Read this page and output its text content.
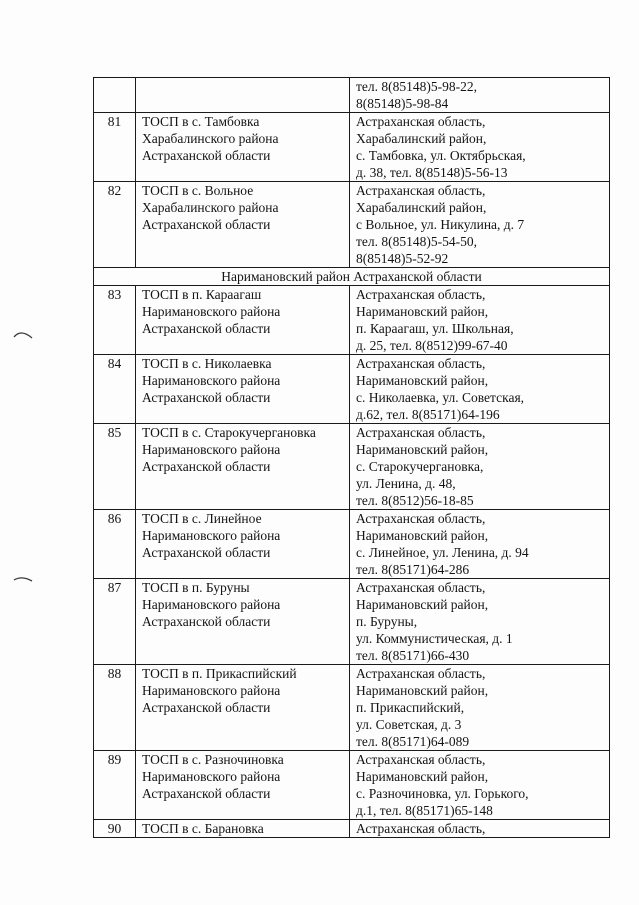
		тел. 8(85148)5-98-22,
8(85148)5-98-84
81	ТОСП в с. Тамбовка
Харабалинского района
Астраханской области	Астраханская область,
Харабалинский район,
с. Тамбовка, ул. Октябрьская,
д. 38, тел. 8(85148)5-56-13
82	ТОСП в с. Вольное
Харабалинского района
Астраханской области	Астраханская область,
Харабалинский район,
с Вольное, ул. Никулина, д. 7
тел. 8(85148)5-54-50,
8(85148)5-52-92
Наримановский район Астраханской области		
83	ТОСП в п. Караагаш
Наримановского района
Астраханской области	Астраханская область,
Наримановский район,
п. Караагаш, ул. Школьная,
д. 25, тел. 8(8512)99-67-40
84	ТОСП в с. Николаевка
Наримановского района
Астраханской области	Астраханская область,
Наримановский район,
с. Николаевка, ул. Советская,
д.62, тел. 8(85171)64-196
85	ТОСП в с. Старокучергановка
Наримановского района
Астраханской области	Астраханская область,
Наримановский район,
с. Старокучергановка,
ул. Ленина, д. 48,
тел. 8(8512)56-18-85
86	ТОСП в с. Линейное
Наримановского района
Астраханской области	Астраханская область,
Наримановский район,
с. Линейное, ул. Ленина, д. 94
тел. 8(85171)64-286
87	ТОСП в п. Буруны
Наримановского района
Астраханской области	Астраханская область,
Наримановский район,
п. Буруны,
ул. Коммунистическая, д. 1
тел. 8(85171)66-430
88	ТОСП в п. Прикаспийский
Наримановского района
Астраханской области	Астраханская область,
Наримановский район,
п. Прикаспийский,
ул. Советская, д. 3
тел. 8(85171)64-089
89	ТОСП в с. Разночиновка
Наримановского района
Астраханской области	Астраханская область,
Наримановский район,
с. Разночиновка, ул. Горького,
д.1, тел. 8(85171)65-148
90	ТОСП в с. Барановка	Астраханская область,
